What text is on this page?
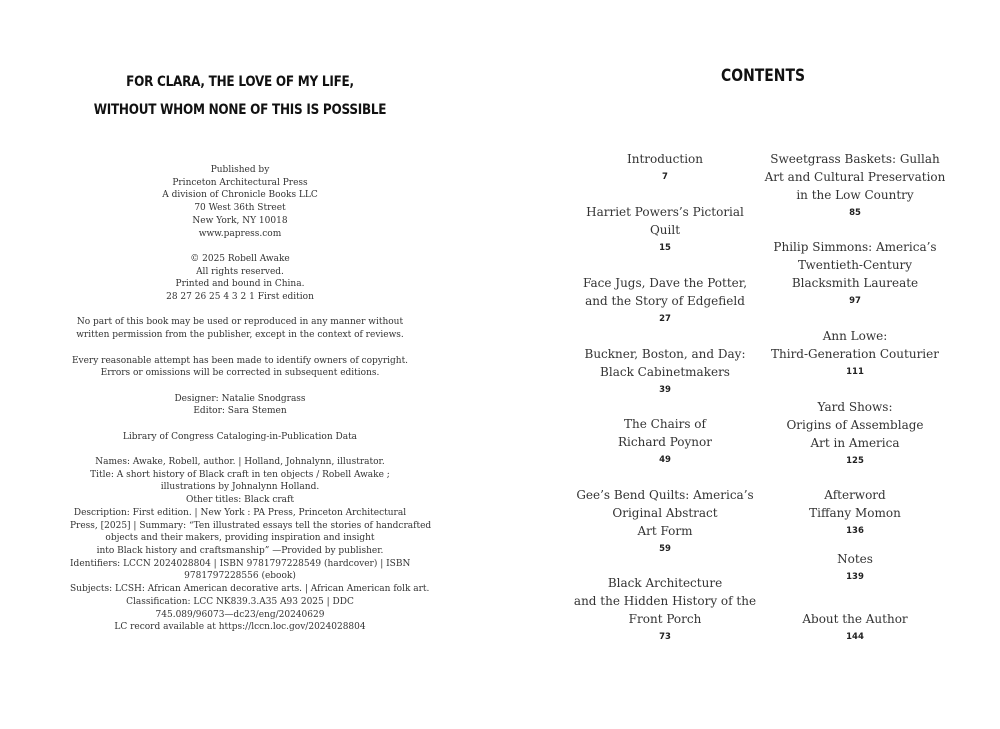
FOR CLARA, THE LOVE OF MY LIFE,
WITHOUT WHOM NONE OF THIS IS POSSIBLE
Published by
Princeton Architectural Press
A division of Chronicle Books LLC
70 West 36th Street
New York, NY 10018
www.papress.com
© 2025 Robell Awake
All rights reserved.
Printed and bound in China.
28 27 26 25 4 3 2 1 First edition
No part of this book may be used or reproduced in any manner without
written permission from the publisher, except in the context of reviews.
Every reasonable attempt has been made to identify owners of copyright.
Errors or omissions will be corrected in subsequent editions.
Designer: Natalie Snodgrass
Editor: Sara Stemen
Library of Congress Cataloging-in-Publication Data
Names: Awake, Robell, author. | Holland, Johnalynn, illustrator.
Title: A short history of Black craft in ten objects / Robell Awake ;
illustrations by Johnalynn Holland.
Other titles: Black craft
Description: First edition. | New York : PA Press, Princeton Architectural
Press, [2025] | Summary: “Ten illustrated essays tell the stories of handcrafted
objects and their makers, providing inspiration and insight
into Black history and craftsmanship” —Provided by publisher.
Identifiers: LCCN 2024028804 | ISBN 9781797228549 (hardcover) | ISBN
9781797228556 (ebook)
Subjects: LCSH: African American decorative arts. | African American folk art.
Classification: LCC NK839.3.A35 A93 2025 | DDC
745.089/96073—dc23/eng/20240629
LC record available at https://lccn.loc.gov/2024028804
CONTENTS
Introduction
7
Harriet Powers’s Pictorial
Quilt
15
Face Jugs, Dave the Potter,
and the Story of Edgefield
27
Buckner, Boston, and Day:
Black Cabinetmakers
39
The Chairs of
Richard Poynor
49
Gee’s Bend Quilts: America’s
Original Abstract
Art Form
59
Black Architecture
and the Hidden History of the
Front Porch
73
Sweetgrass Baskets: Gullah
Art and Cultural Preservation
in the Low Country
85
Philip Simmons: America’s
Twentieth-Century
Blacksmith Laureate
97
Ann Lowe:
Third-Generation Couturier
111
Yard Shows:
Origins of Assemblage
Art in America
125
Afterword
Tiffany Momon
136
Notes
139
About the Author
144
